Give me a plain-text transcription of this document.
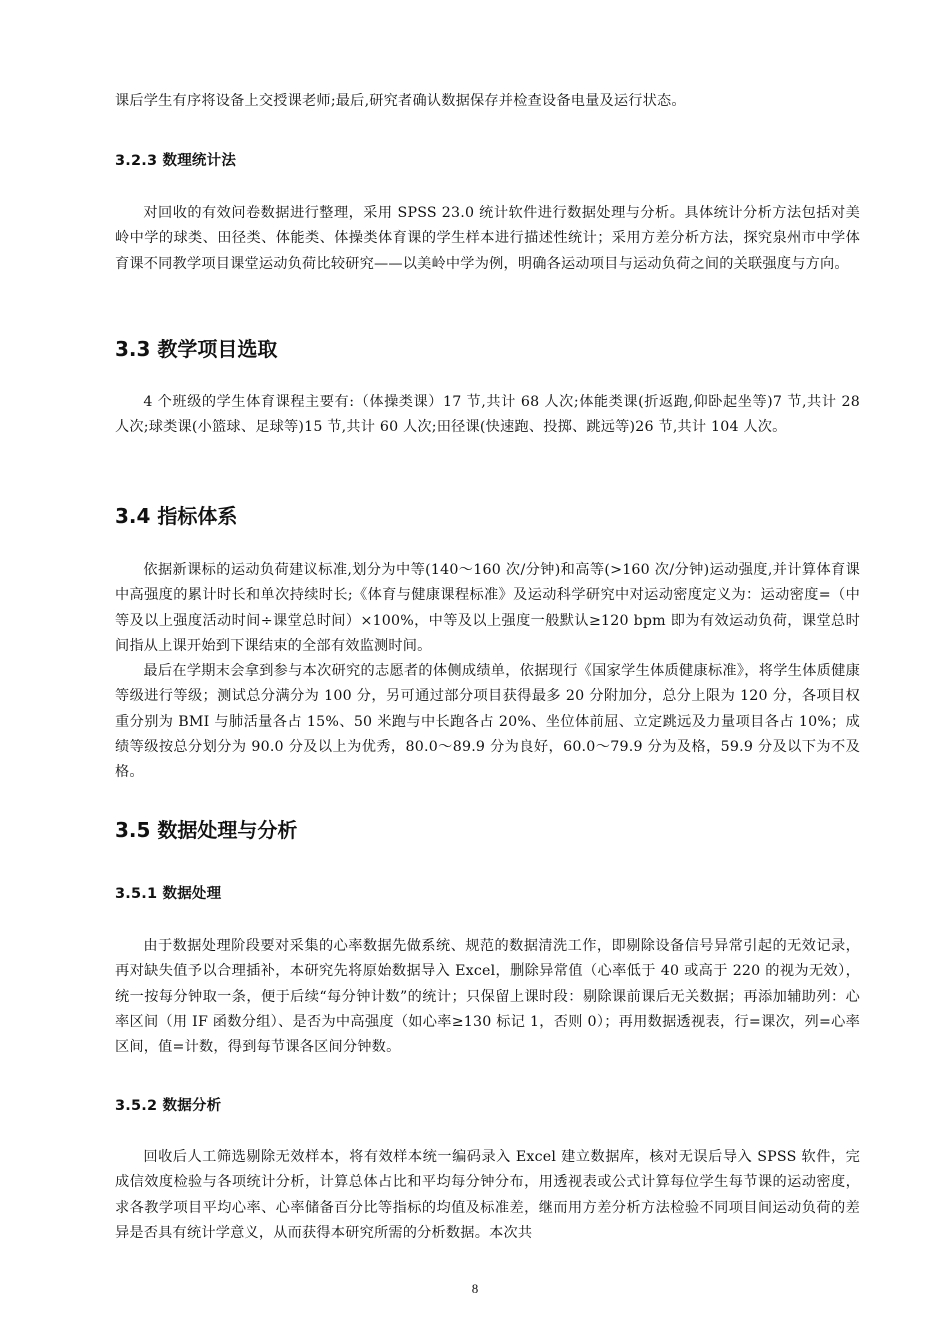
课后学生有序将设备上交授课老师;最后,研究者确认数据保存并检查设备电量及运行状态。

3.2.3 数理统计法

对回收的有效问卷数据进行整理，采用 SPSS 23.0 统计软件进行数据处理与分析。具体统计分析方法包括对美岭中学的球类、田径类、体能类、体操类体育课的学生样本进行描述性统计；采用方差分析方法，探究泉州市中学体育课不同教学项目课堂运动负荷比较研究——以美岭中学为例，明确各运动项目与运动负荷之间的关联强度与方向。

3.3 教学项目选取

4 个班级的学生体育课程主要有:（体操类课）17 节,共计 68 人次;体能类课(折返跑,仰卧起坐等)7 节,共计 28 人次;球类课(小篮球、足球等)15 节,共计 60 人次;田径课(快速跑、投掷、跳远等)26 节,共计 104 人次。

3.4 指标体系

依据新课标的运动负荷建议标准,划分为中等(140～160 次/分钟)和高等(>160 次/分钟)运动强度,并计算体育课中高强度的累计时长和单次持续时长;《体育与健康课程标准》及运动科学研究中对运动密度定义为：运动密度=（中等及以上强度活动时间÷课堂总时间）×100%，中等及以上强度一般默认≥120 bpm 即为有效运动负荷，课堂总时间指从上课开始到下课结束的全部有效监测时间。

最后在学期末会拿到参与本次研究的志愿者的体侧成绩单，依据现行《国家学生体质健康标准》，将学生体质健康等级进行等级；测试总分满分为 100 分，另可通过部分项目获得最多 20 分附加分，总分上限为 120 分，各项目权重分别为 BMI 与肺活量各占 15%、50 米跑与中长跑各占 20%、坐位体前屈、立定跳远及力量项目各占 10%；成绩等级按总分划分为 90.0 分及以上为优秀，80.0～89.9 分为良好，60.0～79.9 分为及格，59.9 分及以下为不及格。

3.5 数据处理与分析
3.5.1 数据处理

由于数据处理阶段要对采集的心率数据先做系统、规范的数据清洗工作，即剔除设备信号异常引起的无效记录，再对缺失值予以合理插补，本研究先将原始数据导入 Excel，删除异常值（心率低于 40 或高于 220 的视为无效），统一按每分钟取一条，便于后续“每分钟计数”的统计；只保留上课时段：剔除课前课后无关数据；再添加辅助列：心率区间（用 IF 函数分组）、是否为中高强度（如心率≥130 标记 1，否则 0）；再用数据透视表，行=课次，列=心率区间，值=计数，得到每节课各区间分钟数。

3.5.2 数据分析

回收后人工筛选剔除无效样本，将有效样本统一编码录入 Excel 建立数据库，核对无误后导入 SPSS 软件，完成信效度检验与各项统计分析，计算总体占比和平均每分钟分布，用透视表或公式计算每位学生每节课的运动密度，求各教学项目平均心率、心率储备百分比等指标的均值及标准差，继而用方差分析方法检验不同项目间运动负荷的差异是否具有统计学意义，从而获得本研究所需的分析数据。本次共

8
